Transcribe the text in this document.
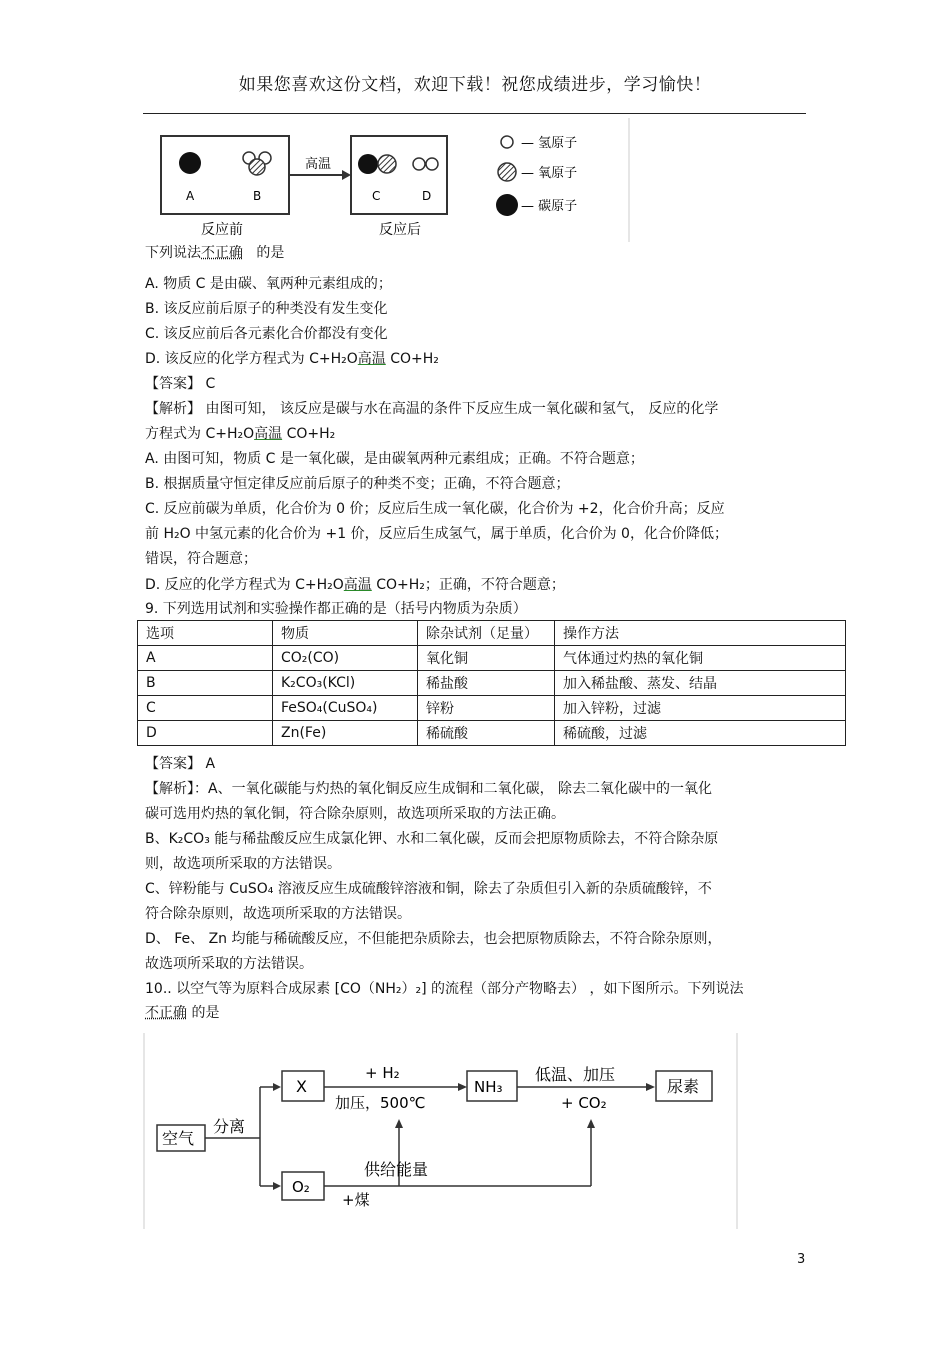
如果您喜欢这份文档，欢迎下载！祝您成绩进步，学习愉快！
高温
A	B	C	D
反应前	反应后
— 氢原子
— 氧原子
— 碳原子
下列说法不正确 的是
A. 物质 C 是由碳、氧两种元素组成的；
B. 该反应前后原子的种类没有发生变化
C. 该反应前后各元素化合价都没有变化
D. 该反应的化学方程式为 C+H₂O高温 CO+H₂
【答案】 C
【解析】 由图可知， 该反应是碳与水在高温的条件下反应生成一氧化碳和氢气， 反应的化学
方程式为 C+H₂O高温 CO+H₂
A. 由图可知，物质 C 是一氧化碳，是由碳氧两种元素组成；正确。不符合题意；
B. 根据质量守恒定律反应前后原子的种类不变；正确，不符合题意；
C. 反应前碳为单质，化合价为 0 价；反应后生成一氧化碳，化合价为 +2，化合价升高；反应
前 H₂O 中氢元素的化合价为 +1 价，反应后生成氢气，属于单质，化合价为 0，化合价降低；
错误，符合题意；
D. 反应的化学方程式为 C+H₂O高温 CO+H₂；正确，不符合题意；
9. 下列选用试剂和实验操作都正确的是（括号内物质为杂质）
选项	物质	除杂试剂（足量）	操作方法
A	CO₂(CO)	氧化铜	气体通过灼热的氧化铜
B	K₂CO₃(KCl)	稀盐酸	加入稀盐酸、蒸发、结晶
C	FeSO₄(CuSO₄)	锌粉	加入锌粉，过滤
D	Zn(Fe)	稀硫酸	稀硫酸，过滤
【答案】 A
【解析】：A、一氧化碳能与灼热的氧化铜反应生成铜和二氧化碳， 除去二氧化碳中的一氧化
碳可选用灼热的氧化铜，符合除杂原则，故选项所采取的方法正确。
B、K₂CO₃ 能与稀盐酸反应生成氯化钾、水和二氧化碳，反而会把原物质除去，不符合除杂原
则，故选项所采取的方法错误。
C、锌粉能与 CuSO₄ 溶液反应生成硫酸锌溶液和铜，除去了杂质但引入新的杂质硫酸锌，不
符合除杂原则，故选项所采取的方法错误。
D、 Fe、 Zn 均能与稀硫酸反应，不但能把杂质除去，也会把原物质除去，不符合除杂原则，
故选项所采取的方法错误。
10.. 以空气等为原料合成尿素 [CO（NH₂）₂] 的流程（部分产物略去） ，如下图所示。下列说法
不正确 的是
空气
分离
X
+ H₂
加压，500℃
NH₃
低温、加压
+ CO₂
尿素
O₂
供给能量
+煤
3
